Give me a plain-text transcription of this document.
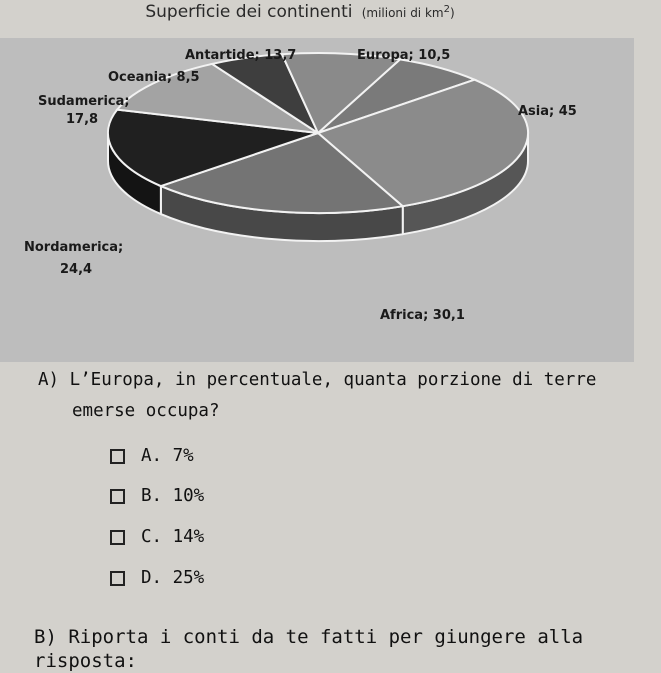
Superficie dei continenti (milioni di $km^2$)
Antartide; 13,7	Europa; 10,5
Oceania; 8,5
Sudamerica;
17,8
Asia; 45
Nordamerica;
24,4
Africa; 30,1
A) L’Europa, in percentuale, quanta porzione di terre
emerse occupa?
A. 7%
B. 10%
C. 14%
D. 25%
B) Riporta i conti da te fatti per giungere alla risposta:
